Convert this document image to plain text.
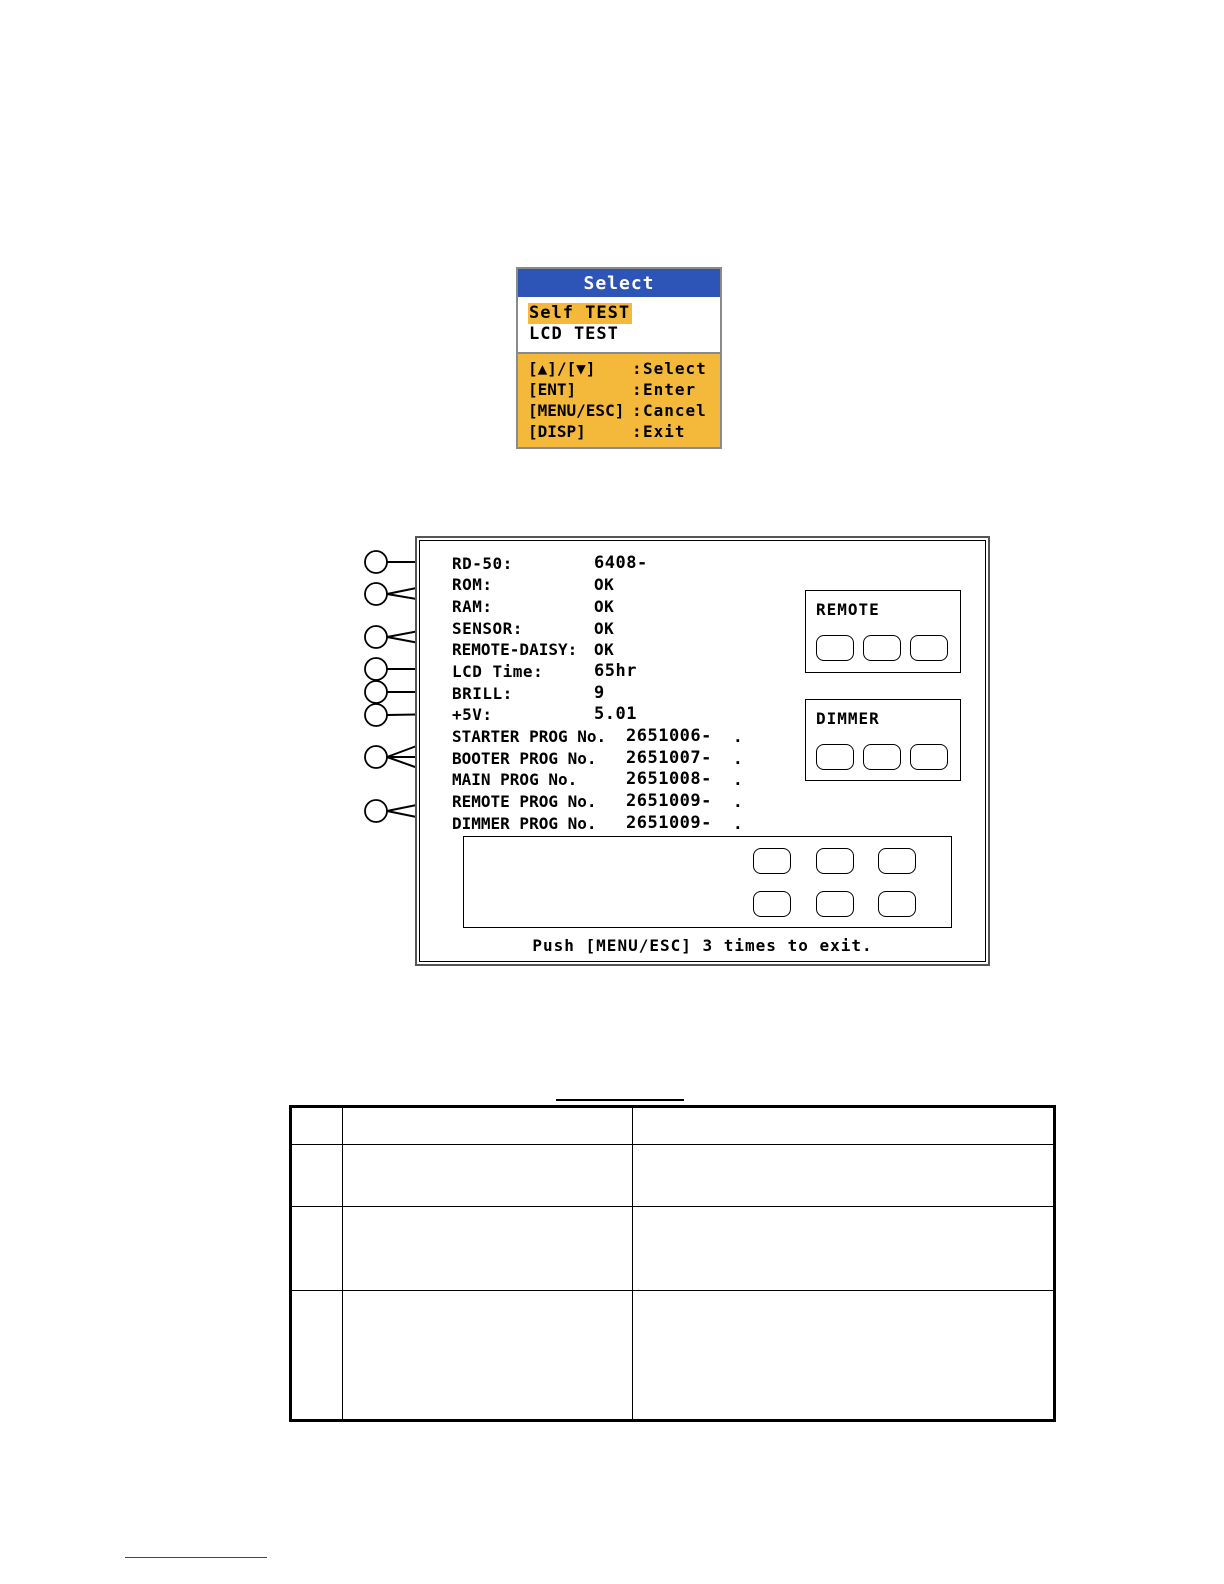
Select
Self TEST
LCD TEST
[▲]/[▼] :Select
[ENT]	:Enter
[MENU/ESC] :Cancel
[DISP]	:Exit
RD-50:	6408-
ROM:	OK
RAM:	OK
SENSOR:	OK
REMOTE-DAISY: OK
LCD Time:	65hr
BRILL:	9
+5V:	5.01
STARTER PROG No. 2651006- .
BOOTER PROG No. 2651007- .
MAIN PROG No.	2651008- .
REMOTE PROG No. 2651009- .
DIMMER PROG No. 2651009- .
REMOTE
DIMMER
Push [MENU/ESC] 3 times to exit.
